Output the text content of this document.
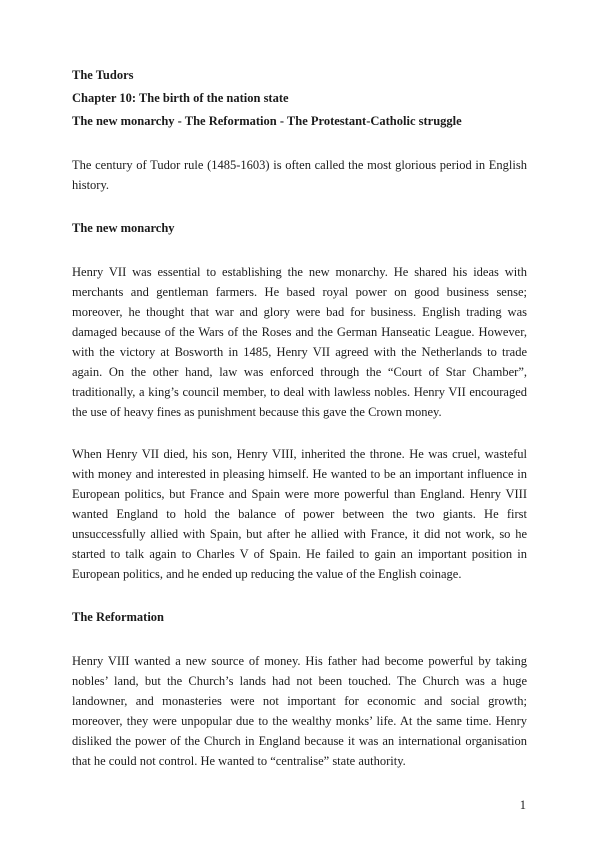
The Tudors
Chapter 10: The birth of the nation state
The new monarchy - The Reformation - The Protestant-Catholic struggle

The century of Tudor rule (1485-1603) is often called the most glorious period in English history.

The new monarchy

Henry VII was essential to establishing the new monarchy. He shared his ideas with merchants and gentleman farmers. He based royal power on good business sense; moreover, he thought that war and glory were bad for business. English trading was damaged because of the Wars of the Roses and the German Hanseatic League. However, with the victory at Bosworth in 1485, Henry VII agreed with the Netherlands to trade again. On the other hand, law was enforced through the “Court of Star Chamber”, traditionally, a king’s council member, to deal with lawless nobles. Henry VII encouraged the use of heavy fines as punishment because this gave the Crown money.

When Henry VII died, his son, Henry VIII, inherited the throne. He was cruel, wasteful with money and interested in pleasing himself. He wanted to be an important influence in European politics, but France and Spain were more powerful than England. Henry VIII wanted England to hold the balance of power between the two giants. He first unsuccessfully allied with Spain, but after he allied with France, it did not work, so he started to talk again to Charles V of Spain. He failed to gain an important position in European politics, and he ended up reducing the value of the English coinage.

The Reformation

Henry VIII wanted a new source of money. His father had become powerful by taking nobles’ land, but the Church’s lands had not been touched. The Church was a huge landowner, and monasteries were not important for economic and social growth; moreover, they were unpopular due to the wealthy monks’ life. At the same time. Henry disliked the power of the Church in England because it was an international organisation that he could not control. He wanted to “centralise” state authority.

1
